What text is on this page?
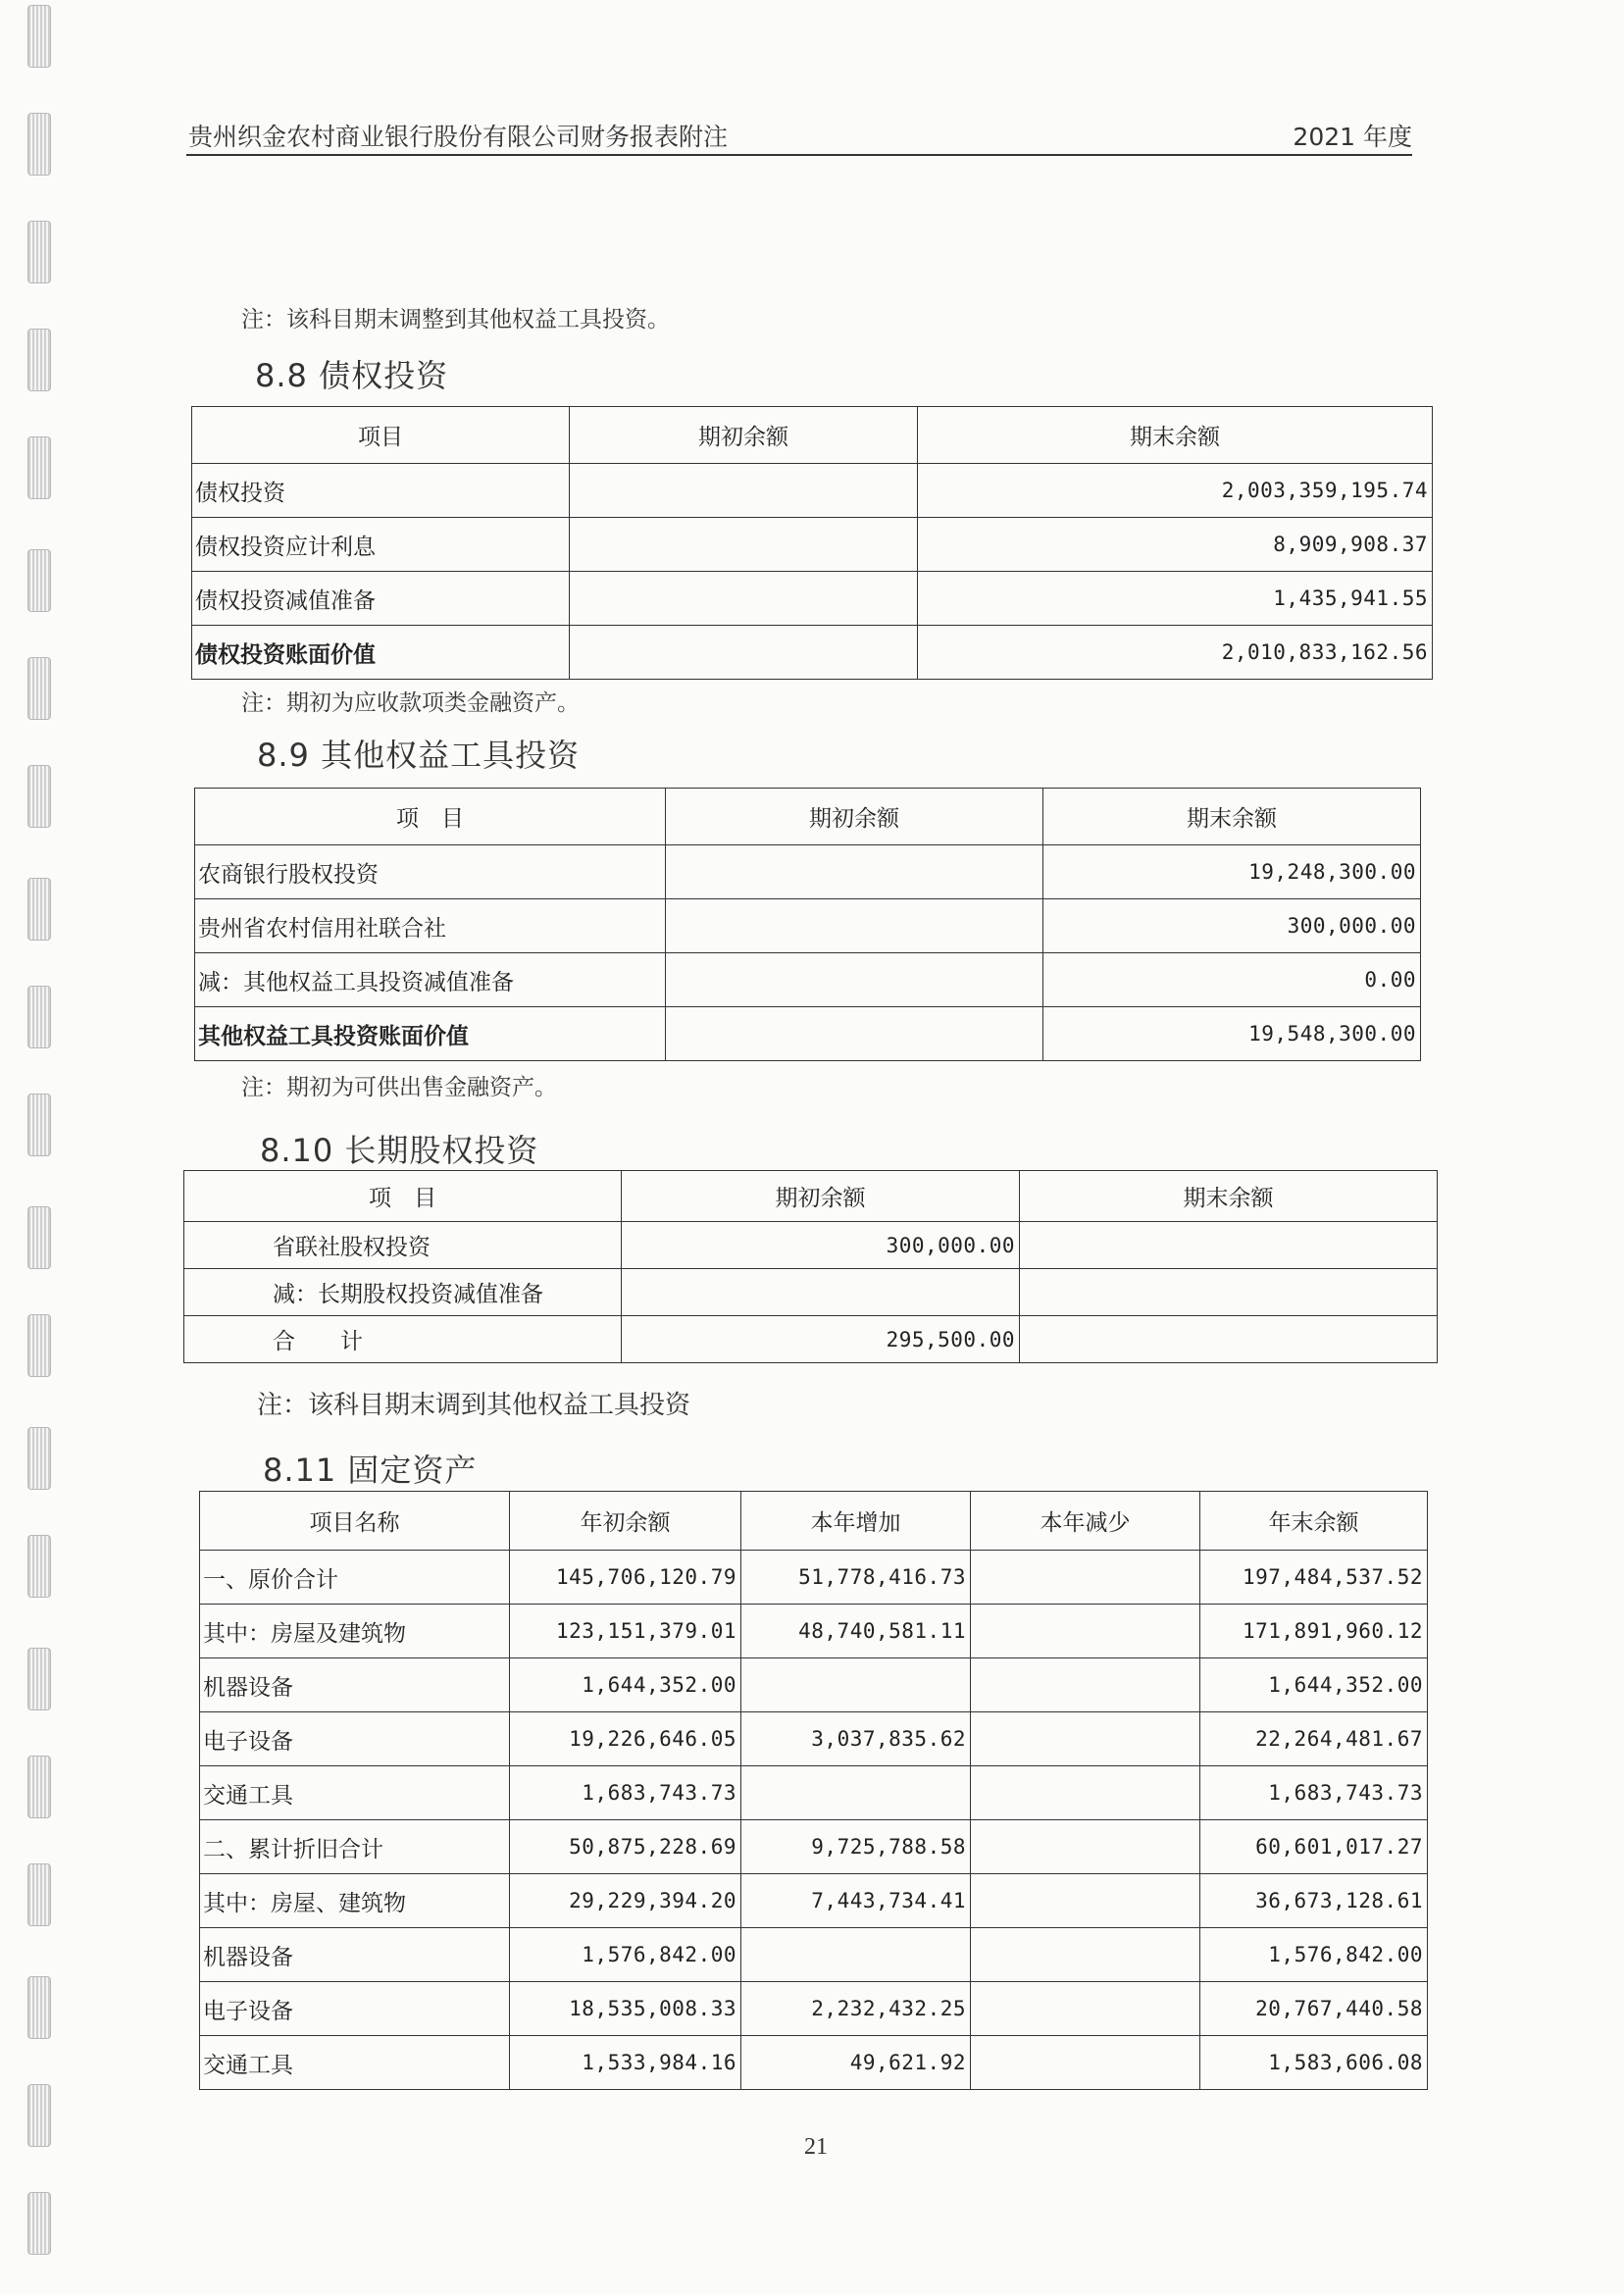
贵州织金农村商业银行股份有限公司财务报表附注	2021 年度
注：该科目期末调整到其他权益工具投资。
8.8 债权投资
项目	期初余额	期末余额
债权投资		2,003,359,195.74
债权投资应计利息		8,909,908.37
债权投资减值准备		1,435,941.55
债权投资账面价值		2,010,833,162.56
注：期初为应收款项类金融资产。
8.9 其他权益工具投资
项　目	期初余额	期末余额
农商银行股权投资		19,248,300.00
贵州省农村信用社联合社		300,000.00
减：其他权益工具投资减值准备		0.00
其他权益工具投资账面价值		19,548,300.00
注：期初为可供出售金融资产。
8.10 长期股权投资
项　目	期初余额	期末余额
省联社股权投资	300,000.00	
减：长期股权投资减值准备		
合　　计	295,500.00	
注：该科目期末调到其他权益工具投资
8.11 固定资产
项目名称	年初余额	本年增加	本年减少	年末余额
一、原价合计	145,706,120.79	51,778,416.73		197,484,537.52
其中：房屋及建筑物	123,151,379.01	48,740,581.11		171,891,960.12
机器设备	1,644,352.00			1,644,352.00
电子设备	19,226,646.05	3,037,835.62		22,264,481.67
交通工具	1,683,743.73			1,683,743.73
二、累计折旧合计	50,875,228.69	9,725,788.58		60,601,017.27
其中：房屋、建筑物	29,229,394.20	7,443,734.41		36,673,128.61
机器设备	1,576,842.00			1,576,842.00
电子设备	18,535,008.33	2,232,432.25		20,767,440.58
交通工具	1,533,984.16	49,621.92		1,583,606.08
21
